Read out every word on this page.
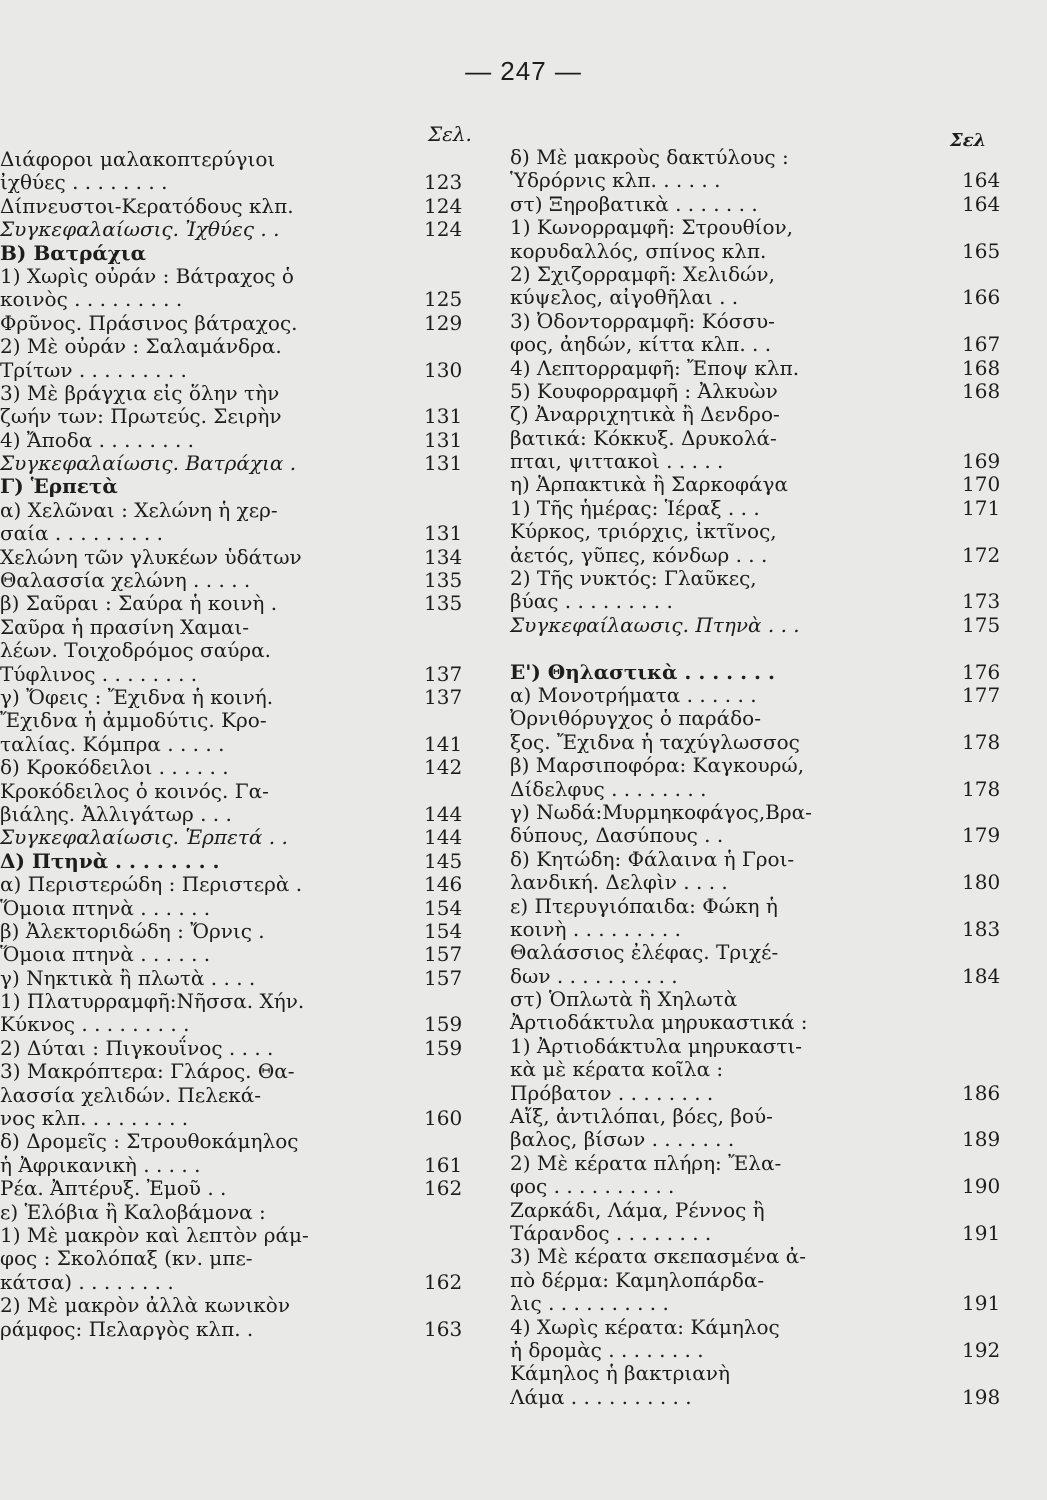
— 247 —
Σελ.
Διάφοροι μαλακοπτερύγιοι
ἰχθύες . . . . . . . .	123
Δίπνευστοι-Κερατόδους κλπ.	124
Συγκεφαλαίωσις. Ἰχθύες . .	124
Β) Βατράχια
1) Χωρὶς οὐράν : Βάτραχος ὁ
κοινὸς . . . . . . . . .	125
Φρῦνος. Πράσινος βάτραχος.	129
2) Μὲ οὐράν : Σαλαμάνδρα.
Τρίτων . . . . . . . . .	130
3) Μὲ βράγχια εἰς ὅλην τὴν
ζωήν των: Πρωτεύς. Σειρὴν	131
4) Ἄποδα . . . . . . . .	131
Συγκεφαλαίωσις. Βατράχια .	131
Γ) Ἑρπετὰ
α) Χελῶναι : Χελώνη ἡ χερ-
σαία . . . . . . . . .	131
Χελώνη τῶν γλυκέων ὑδάτων	134
Θαλασσία χελώνη . . . . .	135
β) Σαῦραι : Σαύρα ἡ κοινὴ .	135
Σαῦρα ἡ πρασίνη Χαμαι-
λέων. Τοιχοδρόμος σαύρα.
Τύφλινος . . . . . . . .	137
γ) Ὄφεις : Ἔχιδνα ἡ κοινή.	137
Ἔχιδνα ἡ ἀμμοδύτις. Κρο-
ταλίας. Κόμπρα . . . . .	141
δ) Κροκόδειλοι . . . . . .	142
Κροκόδειλος ὁ κοινός. Γα-
βιάλης. Ἀλλιγάτωρ . . .	144
Συγκεφαλαίωσις. Ἑρπετά . .	144
Δ) Πτηνὰ . . . . . . . .	145
α) Περιστερώδη : Περιστερὰ .	146
Ὅμοια πτηνὰ . . . . . .	154
β) Ἀλεκτοριδώδη : Ὄρνις .	154
Ὅμοια πτηνὰ . . . . . .	157
γ) Νηκτικὰ ἢ πλωτὰ . . . .	157
1) Πλατυρραμφῆ:Νῆσσα. Χήν.
Κύκνος . . . . . . . . .	159
2) Δύται : Πιγκουΐνος . . . .	159
3) Μακρόπτερα: Γλάρος. Θα-
λασσία χελιδών. Πελεκά-
νος κλπ. . . . . . . . .	160
δ) Δρομεῖς : Στρουθοκάμηλος
ἡ Ἀφρικανικὴ . . . . .	161
Ρέα. Ἀπτέρυξ. Ἐμοῦ . .	162
ε) Ἑλόβια ἢ Καλοβάμονα :
1) Μὲ μακρὸν καὶ λεπτὸν ράμ-
φος : Σκολόπαξ (κν. μπε-
κάτσα) . . . . . . . .	162
2) Μὲ μακρὸν ἀλλὰ κωνικὸν
ράμφος: Πελαργὸς κλπ. .	163
Σελ
δ) Μὲ μακροὺς δακτύλους :
Ὑδρόρνις κλπ. . . . . .	164
στ) Ξηροβατικὰ . . . . . . .	164
1) Κωνορραμφῆ: Στρουθίον,
κορυδαλλός, σπίνος κλπ.	165
2) Σχιζορραμφῆ: Χελιδών,
κύψελος, αἰγοθῆλαι . .	166
3) Ὀδοντορραμφῆ: Κόσσυ-
φος, ἀηδών, κίττα κλπ. . .	167
4) Λεπτορραμφῆ: Ἔποψ κλπ.	168
5) Κουφορραμφῆ : Ἀλκυὼν	168
ζ) Ἀναρριχητικὰ ἢ Δενδρο-
βατικά: Κόκκυξ. Δρυκολά-
πται, ψιττακοὶ . . . . .	169
η) Ἁρπακτικὰ ἢ Σαρκοφάγα	170
1) Τῆς ἡμέρας: Ἱέραξ . . .	171
Κύρκος, τριόρχις, ἰκτῖνος,
ἀετός, γῦπες, κόνδωρ . . .	172
2) Τῆς νυκτός: Γλαῦκες,
βύας . . . . . . . . .	173
Συγκεφαίλαωσις. Πτηνὰ . . .	175
Ε') Θηλαστικὰ . . . . . . .	176
α) Μονοτρήματα . . . . . .	177
Ὀρνιθόρυγχος ὁ παράδο-
ξος. Ἔχιδνα ἡ ταχύγλωσσος	178
β) Μαρσιποφόρα: Καγκουρώ,
Δίδελφυς . . . . . . . .	178
γ) Νωδά:Μυρμηκοφάγος,Βρα-
δύπους, Δασύπους . .	179
δ) Κητώδη: Φάλαινα ἡ Γροι-
λανδική. Δελφὶν . . . .	180
ε) Πτερυγιόπαιδα: Φώκη ἡ
κοινὴ . . . . . . . . .	183
Θαλάσσιος ἐλέφας. Τριχέ-
δων . . . . . . . . . .	184
στ) Ὁπλωτὰ ἢ Χηλωτὰ
Ἀρτιοδάκτυλα μηρυκαστικά :
1) Ἀρτιοδάκτυλα μηρυκαστι-
κὰ μὲ κέρατα κοῖλα :
Πρόβατον . . . . . . . .	186
Αἴξ, ἀντιλόπαι, βόες, βού-
βαλος, βίσων . . . . . . .	189
2) Μὲ κέρατα πλήρη: Ἔλα-
φος . . . . . . . . . .	190
Ζαρκάδι, Λάμα, Ρέννος ἢ
Τάρανδος . . . . . . . .	191
3) Μὲ κέρατα σκεπασμένα ἀ-
πὸ δέρμα: Καμηλοπάρδα-
λις . . . . . . . . . .	191
4) Χωρὶς κέρατα: Κάμηλος
ἡ δρομὰς . . . . . . . .	192
Κάμηλος ἡ βακτριανὴ
Λάμα . . . . . . . . . .	198
